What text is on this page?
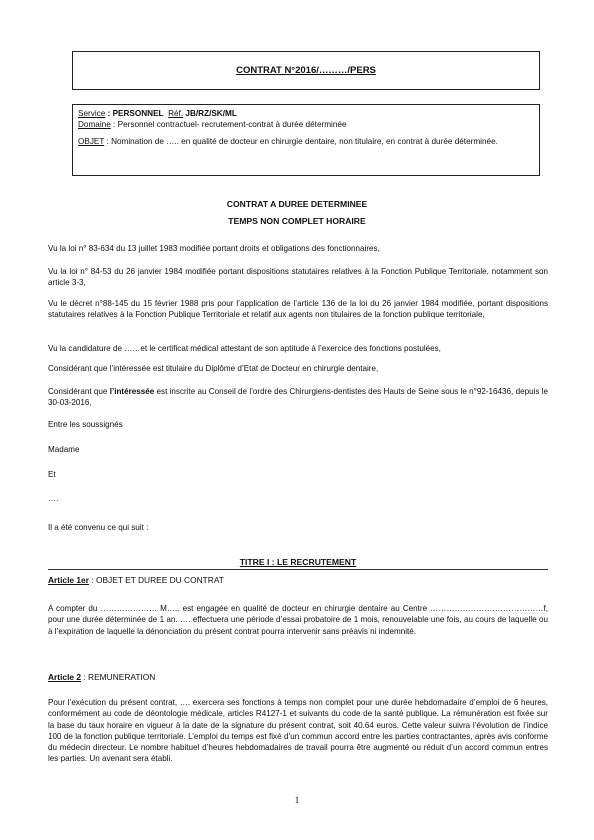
CONTRAT N°2016/………/PERS
Service : PERSONNEL Réf. JB/RZ/SK/ML
Domaine : Personnel contractuel- recrutement-contrat à durée déterminée
OBJET : Nomination de ….. en qualité de docteur en chirurgie dentaire, non titulaire, en contrat à durée déterminée.
CONTRAT A DUREE DETERMINEE
TEMPS NON COMPLET HORAIRE
Vu la loi n° 83-634 du 13 juillet 1983 modifiée portant droits et obligations des fonctionnaires,
Vu la loi n° 84-53 du 26 janvier 1984 modifiée portant dispositions statutaires relatives à la Fonction Publique Territoriale, notamment son article 3-3,
Vu le décret n°88-145 du 15 février 1988 pris pour l’application de l’article 136 de la loi du 26 janvier 1984 modifiée, portant dispositions statutaires relatives à la Fonction Publique Territoriale et relatif aux agents non titulaires de la fonction publique territoriale,
Vu la candidature de ……et le certificat médical attestant de son aptitude à l’exercice des fonctions postulées,
Considérant que l’intéressée est titulaire du Diplôme d’Etat de Docteur en chirurgie dentaire,
Considérant que l’intéressée est inscrite au Conseil de l’ordre des Chirurgiens-dentistes des Hauts de Seine sous le n°92-16436, depuis le 30-03-2016,
Entre les soussignés
Madame
Et
….
Il a été convenu ce qui suit :
TITRE I : LE RECRUTEMENT
Article 1er : OBJET ET DUREE DU CONTRAT
A compter du ………………… M….. est engagée en qualité de docteur en chirurgie dentaire au Centre ……………………………………f, pour une durée déterminée de 1 an. …. effectuera une période d’essai probatoire de 1 mois, renouvelable une fois, au cours de laquelle ou à l’expiration de laquelle la dénonciation du présent contrat pourra intervenir sans préavis ni indemnité.
Article 2 : REMUNERATION
Pour l’exécution du présent contrat, …. exercera ses fonctions à temps non complet pour une durée hebdomadaire d’emploi de 6 heures, conformément au code de déontologie médicale, articles R4127-1 et suivants du code de la santé publique. La rémunération est fixée sur la base du taux horaire en vigueur à la date de la signature du présent contrat, soit 40.64 euros. Cette valeur suivra l’évolution de l’indice 100 de la fonction publique territoriale. L’emploi du temps est fixé d’un commun accord entre les parties contractantes, après avis conforme du médecin directeur. Le nombre habituel d’heures hebdomadaires de travail pourra être augmenté ou réduit d’un accord commun entres les parties. Un avenant sera établi.
1
